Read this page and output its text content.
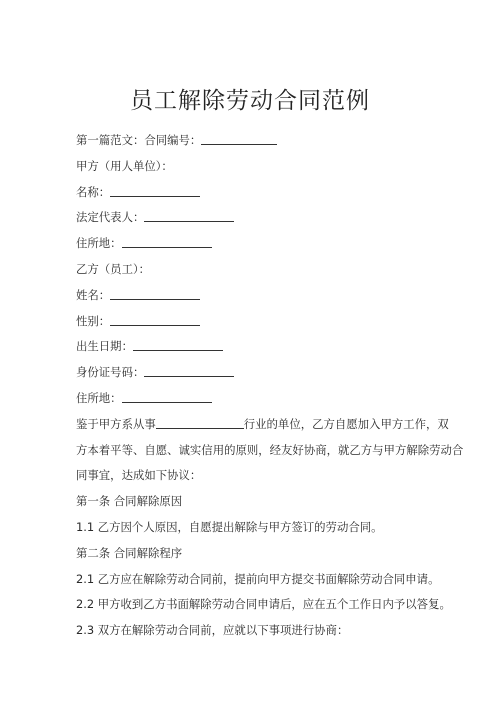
员工解除劳动合同范例
第一篇范文：合同编号：
甲方（用人单位）：
名称：
法定代表人：
住所地：
乙方（员工）：
姓名：
性别：
出生日期：
身份证号码：
住所地：
鉴于甲方系从事	行业的单位，乙方自愿加入甲方工作，双
方本着平等、自愿、诚实信用的原则，经友好协商，就乙方与甲方解除劳动合
同事宜，达成如下协议：
第一条 合同解除原因
1.1 乙方因个人原因，自愿提出解除与甲方签订的劳动合同。
第二条 合同解除程序
2.1 乙方应在解除劳动合同前，提前向甲方提交书面解除劳动合同申请。
2.2 甲方收到乙方书面解除劳动合同申请后，应在五个工作日内予以答复。
2.3 双方在解除劳动合同前，应就以下事项进行协商：
